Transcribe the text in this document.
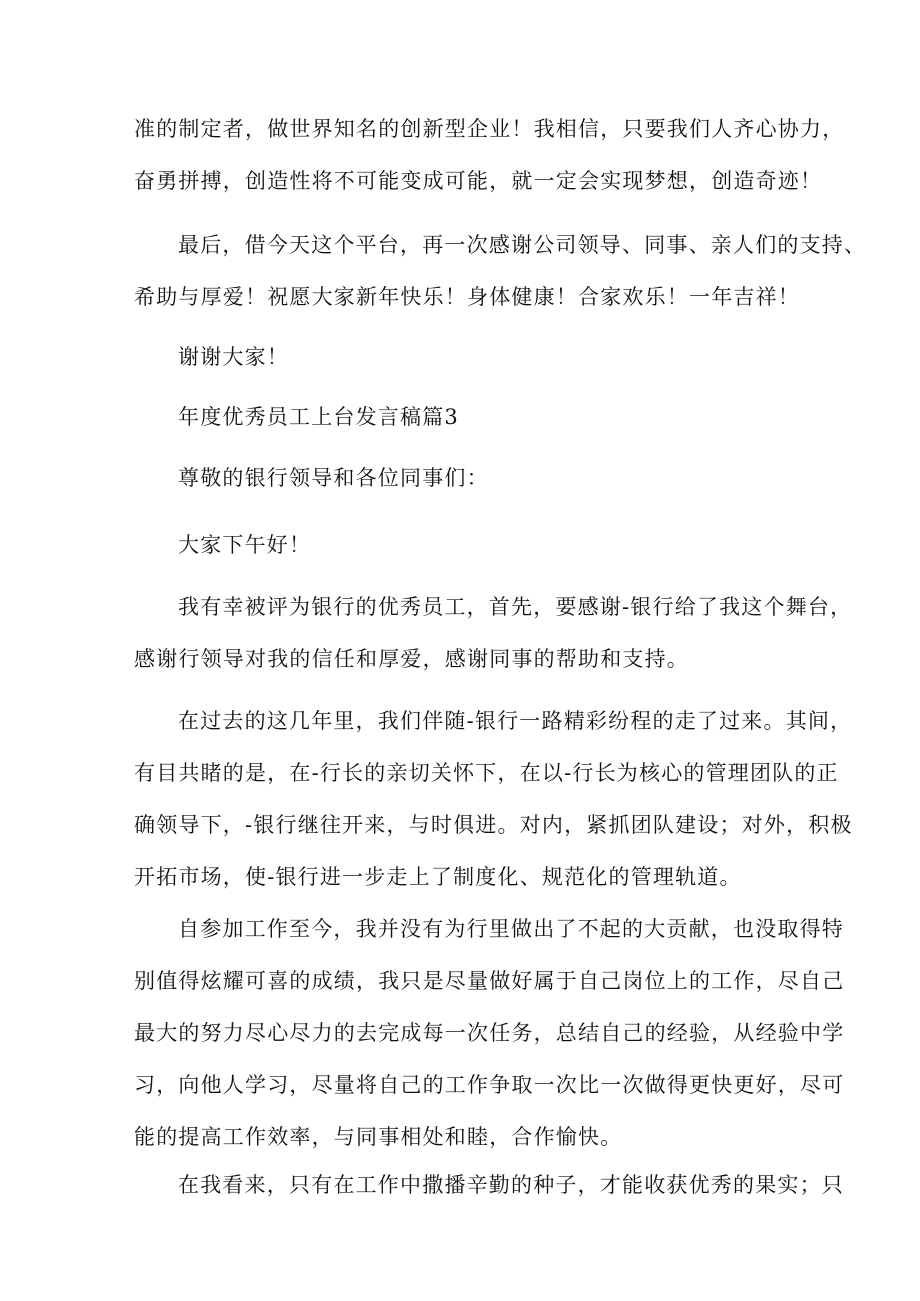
准的制定者，做世界知名的创新型企业！我相信，只要我们人齐心协力，
奋勇拼搏，创造性将不可能变成可能，就一定会实现梦想，创造奇迹！

最后，借今天这个平台，再一次感谢公司领导、同事、亲人们的支持、
希助与厚爱！祝愿大家新年快乐！身体健康！合家欢乐！一年吉祥！

谢谢大家！

年度优秀员工上台发言稿篇3

尊敬的银行领导和各位同事们：

大家下午好！

我有幸被评为银行的优秀员工，首先，要感谢-银行给了我这个舞台，
感谢行领导对我的信任和厚爱，感谢同事的帮助和支持。

在过去的这几年里，我们伴随-银行一路精彩纷程的走了过来。其间，
有目共睹的是，在-行长的亲切关怀下，在以-行长为核心的管理团队的正
确领导下，-银行继往开来，与时俱进。对内，紧抓团队建设；对外，积极
开拓市场，使-银行进一步走上了制度化、规范化的管理轨道。

自参加工作至今，我并没有为行里做出了不起的大贡献，也没取得特
别值得炫耀可喜的成绩，我只是尽量做好属于自己岗位上的工作，尽自己
最大的努力尽心尽力的去完成每一次任务，总结自己的经验，从经验中学
习，向他人学习，尽量将自己的工作争取一次比一次做得更快更好，尽可
能的提高工作效率，与同事相处和睦，合作愉快。

在我看来，只有在工作中撒播辛勤的种子，才能收获优秀的果实；只
